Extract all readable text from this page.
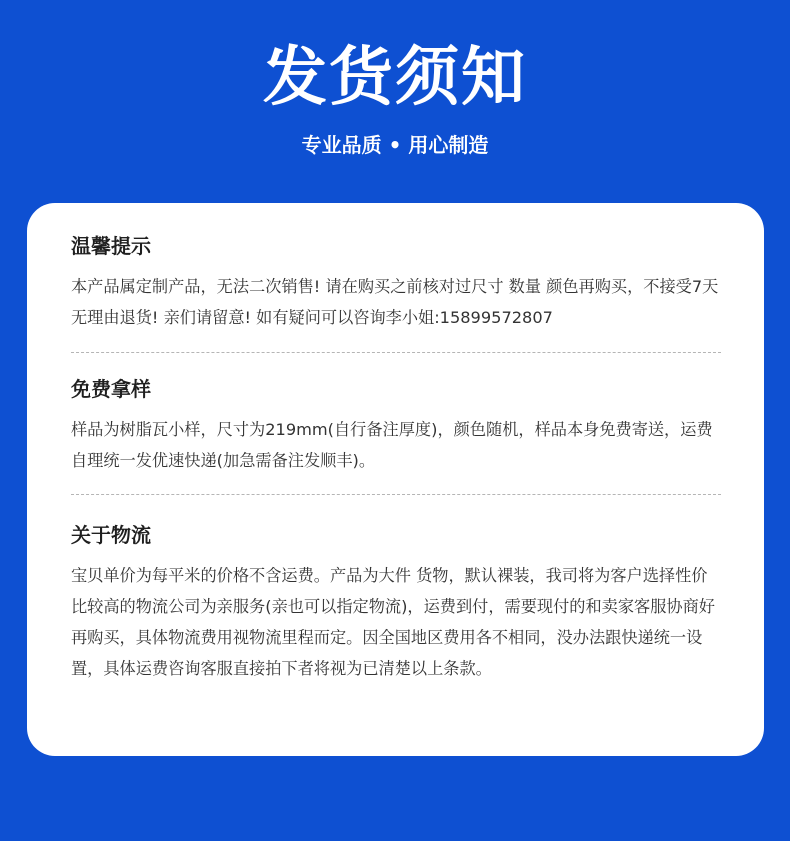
发货须知
专业品质 • 用心制造
温馨提示

本产品属定制产品，无法二次销售! 请在购买之前核对过尺寸 数量 颜色再购买，不接受7天无理由退货! 亲们请留意! 如有疑问可以咨询李小姐:15899572807

免费拿样

样品为树脂瓦小样，尺寸为219mm(自行备注厚度)，颜色随机，样品本身免费寄送，运费自理统一发优速快递(加急需备注发顺丰)。

关于物流

宝贝单价为每平米的价格不含运费。产品为大件 货物，默认裸装，我司将为客户选择性价比较高的物流公司为亲服务(亲也可以指定物流)，运费到付，需要现付的和卖家客服协商好再购买，具体物流费用视物流里程而定。因全国地区费用各不相同，没办法跟快递统一设置，具体运费咨询客服直接拍下者将视为已清楚以上条款。
